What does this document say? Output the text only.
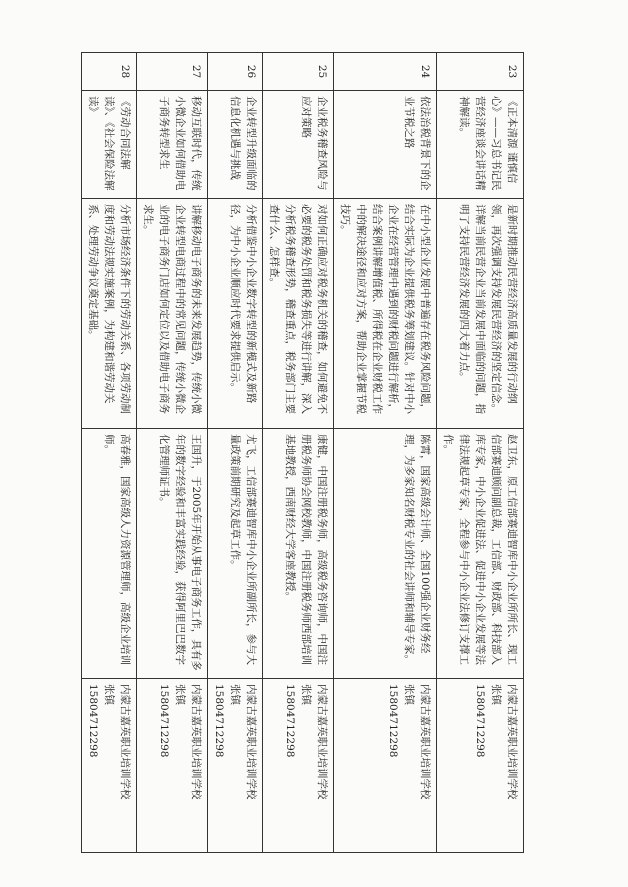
23	《正本清源 谨慎信心》——习总书记民营经济座谈会讲话精神解读。	是新时期推动民营经济高质量发展的行动纲领，再次强调支持发展民营经济的坚定信念。详解当前民营企业当前发展中面临的问题，指明了支持民营经济发展的四大着力点。	赵卫东，原工信部赛迪智库中小企业所所长、现工信部赛迪顾问副总裁，工信部、财政部、科技部入库专家，中小企业促进法、促进中小企业发展等法律法规起草专家，全程参与中小企业法修订支撑工作。	内蒙古嘉英职业培训学校
张镇
15804712298

24	依法治税背景下的企业节税之路	在中小型企业发展中普遍存在税务风险问题，结合实际为企业提供税务筹划建议。针对中小企业在经营管理中遇到的财税问题进行解析，结合案例讲解增值税、所得税在企业财税工作中的解决途径和应对方案，帮助企业掌握节税技巧。	陈霄，国家高级会计师、全国100强企业财务经理，为多家知名财税专业的社会讲师和辅导专家。	内蒙古嘉英职业培训学校
张镇
15804712298

25	企业税务稽查风险与应对策略	对如何正确应对税务机关的稽查，如何避免不必要的税务处罚和税务损失等进行讲解，深入分析税务稽查形势，稽查重点，税务部门主要查什么、怎样查。	康健，中国注册税务师，高级税务咨询师，中国注册税务师协会网校教师，中国注册税务师西部培训基地教授，西南财经大学客座教授。	内蒙古嘉英职业培训学校
张镇
15804712298

26	企业转型升级面临的信息化机遇与挑战	分析借鉴中小企业数字转型的新模式及新路径，为中小企业顺应时代要求提供启示。	尤飞，工信部赛迪智库中小企业所副所长，参与大量政策前期研究及起草工作。	内蒙古嘉英职业培训学校
张镇
15804712298

27	移动互联时代，传统小微企业如何借助电子商务转型求生	讲解移动电子商务的未来发展趋势，传统小微企业转型电商过程中的常见问题，传统小微企业的电子商务门店如何定位以及借助电子商务求生。	王国升，于2005年开始从事电子商务工作，具有多年的数字经验和丰富实践经验，获得阿里巴巴数字化管理师证书。	内蒙古嘉英职业培训学校
张镇
15804712298

28	《劳动合同法解读》、《社会保险法解读》	分析市场经济条件下的劳动关系、各项劳动制度和劳动法规实施案例，为构建和谐劳动关系、处理劳动争议奠定基础。	高春雅，国家高级人力资源管理师，高级企业培训师。	内蒙古嘉英职业培训学校
张镇
15804712298
